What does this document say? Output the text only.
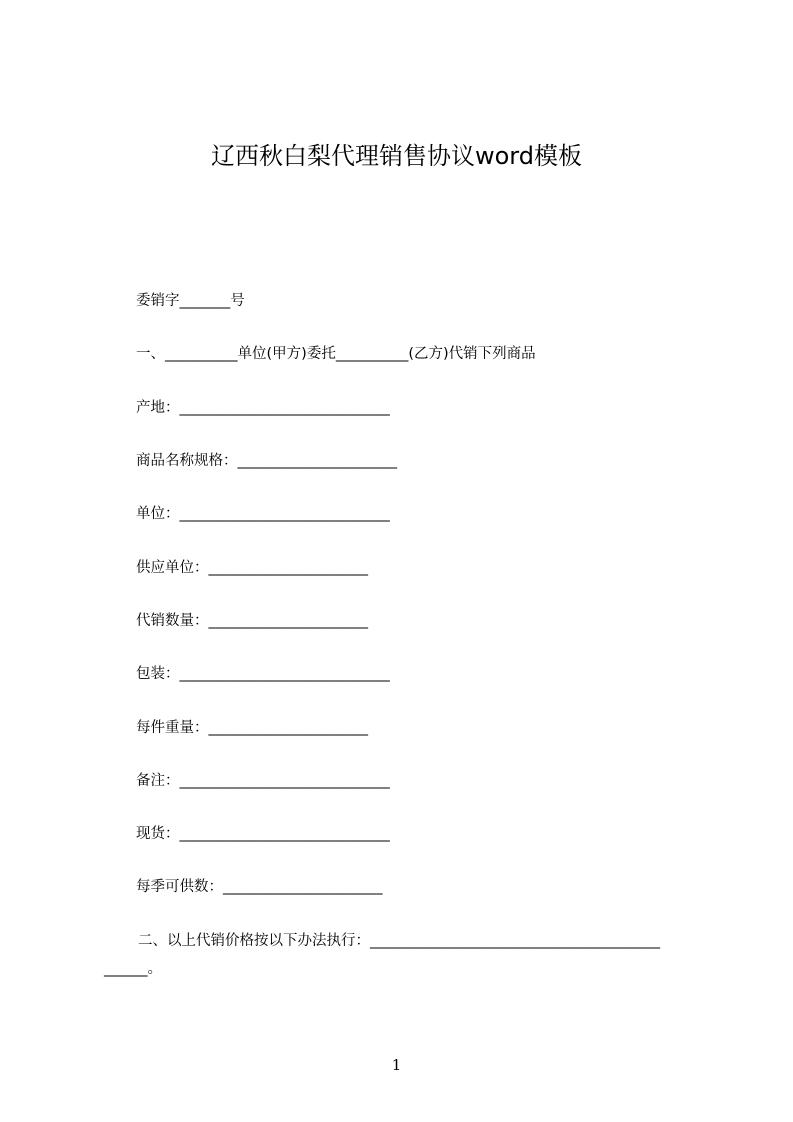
辽西秋白梨代理销售协议word模板
委销字_______号
一、__________单位(甲方)委托__________(乙方)代销下列商品
产地：_____________________________
商品名称规格：______________________
单位：_____________________________
供应单位：______________________
代销数量：______________________
包装：_____________________________
每件重量：______________________
备注：_____________________________
现货：_____________________________
每季可供数：______________________
二、以上代销价格按以下办法执行：________________________________________
______。
1
